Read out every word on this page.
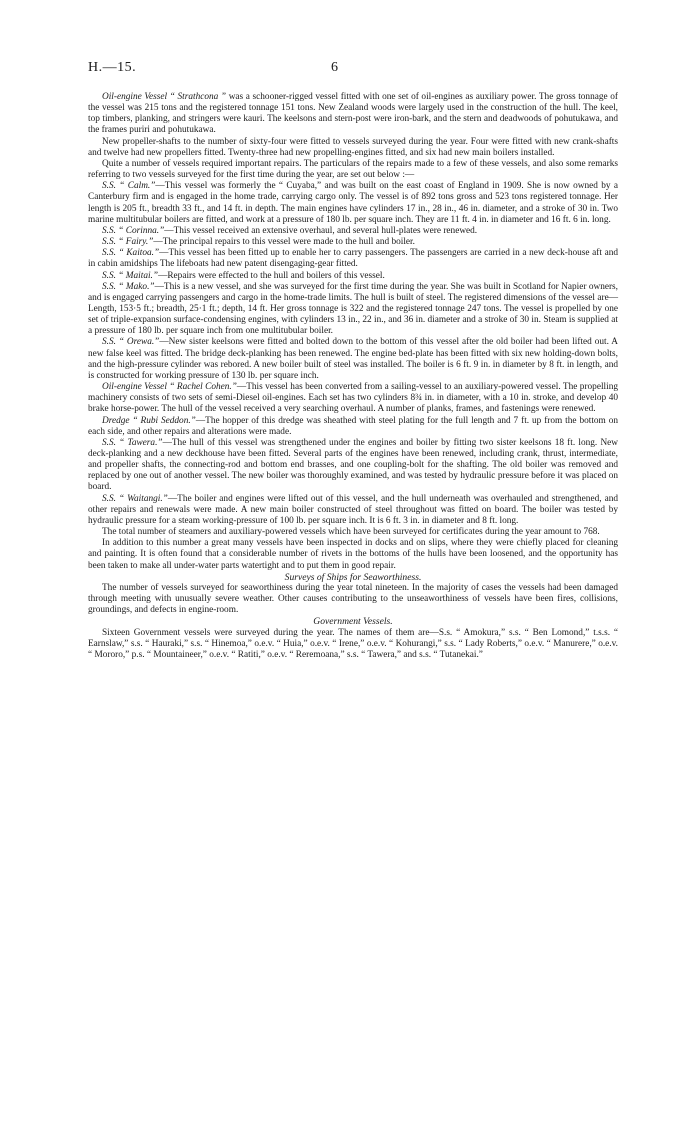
H.—15.	6

Oil-engine Vessel “ Strathcona ” was a schooner-rigged vessel fitted with one set of oil-engines as auxiliary power. The gross tonnage of the vessel was 215 tons and the registered tonnage 151 tons. New Zealand woods were largely used in the construction of the hull. The keel, top timbers, planking, and stringers were kauri. The keelsons and stern-post were iron-bark, and the stern and deadwoods of pohutukawa, and the frames puriri and pohutukawa.

New propeller-shafts to the number of sixty-four were fitted to vessels surveyed during the year. Four were fitted with new crank-shafts and twelve had new propellers fitted. Twenty-three had new propelling-engines fitted, and six had new main boilers installed.

Quite a number of vessels required important repairs. The particulars of the repairs made to a few of these vessels, and also some remarks referring to two vessels surveyed for the first time during the year, are set out below :—

S.S. “ Calm.”—This vessel was formerly the “ Cuyaba,” and was built on the east coast of England in 1909. She is now owned by a Canterbury firm and is engaged in the home trade, carrying cargo only. The vessel is of 892 tons gross and 523 tons registered tonnage. Her length is 205 ft., breadth 33 ft., and 14 ft. in depth. The main engines have cylinders 17 in., 28 in., 46 in. diameter, and a stroke of 30 in. Two marine multitubular boilers are fitted, and work at a pressure of 180 lb. per square inch. They are 11 ft. 4 in. in diameter and 16 ft. 6 in. long.

S.S. “ Corinna.”—This vessel received an extensive overhaul, and several hull-plates were renewed.

S.S. “ Fairy.”—The principal repairs to this vessel were made to the hull and boiler.

S.S. “ Kaitoa.”—This vessel has been fitted up to enable her to carry passengers. The passengers are carried in a new deck-house aft and in cabin amidships The lifeboats had new patent disengaging-gear fitted.

S.S. “ Maitai.”—Repairs were effected to the hull and boilers of this vessel.

S.S. “ Mako.”—This is a new vessel, and she was surveyed for the first time during the year. She was built in Scotland for Napier owners, and is engaged carrying passengers and cargo in the home-trade limits. The hull is built of steel. The registered dimensions of the vessel are—Length, 153·5 ft.; breadth, 25·1 ft.; depth, 14 ft. Her gross tonnage is 322 and the registered tonnage 247 tons. The vessel is propelled by one set of triple-expansion surface-condensing engines, with cylinders 13 in., 22 in., and 36 in. diameter and a stroke of 30 in. Steam is supplied at a pressure of 180 lb. per square inch from one multitubular boiler.

S.S. “ Orewa.”—New sister keelsons were fitted and bolted down to the bottom of this vessel after the old boiler had been lifted out. A new false keel was fitted. The bridge deck-planking has been renewed. The engine bed-plate has been fitted with six new holding-down bolts, and the high-pressure cylinder was rebored. A new boiler built of steel was installed. The boiler is 6 ft. 9 in. in diameter by 8 ft. in length, and is constructed for working pressure of 130 lb. per square inch.

Oil-engine Vessel “ Rachel Cohen.”—This vessel has been converted from a sailing-vessel to an auxiliary-powered vessel. The propelling machinery consists of two sets of semi-Diesel oil-engines. Each set has two cylinders 8¾ in. in diameter, with a 10 in. stroke, and develop 40 brake horse-power. The hull of the vessel received a very searching overhaul. A number of planks, frames, and fastenings were renewed.

Dredge “ Rubi Seddon.”—The hopper of this dredge was sheathed with steel plating for the full length and 7 ft. up from the bottom on each side, and other repairs and alterations were made.

S.S. “ Tawera.”—The hull of this vessel was strengthened under the engines and boiler by fitting two sister keelsons 18 ft. long. New deck-planking and a new deckhouse have been fitted. Several parts of the engines have been renewed, including crank, thrust, intermediate, and propeller shafts, the connecting-rod and bottom end brasses, and one coupling-bolt for the shafting. The old boiler was removed and replaced by one out of another vessel. The new boiler was thoroughly examined, and was tested by hydraulic pressure before it was placed on board.

S.S. “ Waitangi.”—The boiler and engines were lifted out of this vessel, and the hull underneath was overhauled and strengthened, and other repairs and renewals were made. A new main boiler constructed of steel throughout was fitted on board. The boiler was tested by hydraulic pressure for a steam working-pressure of 100 lb. per square inch. It is 6 ft. 3 in. in diameter and 8 ft. long.

The total number of steamers and auxiliary-powered vessels which have been surveyed for certificates during the year amount to 768.

In addition to this number a great many vessels have been inspected in docks and on slips, where they were chiefly placed for cleaning and painting. It is often found that a considerable number of rivets in the bottoms of the hulls have been loosened, and the opportunity has been taken to make all under-water parts watertight and to put them in good repair.

Surveys of Ships for Seaworthiness.

The number of vessels surveyed for seaworthiness during the year total nineteen. In the majority of cases the vessels had been damaged through meeting with unusually severe weather. Other causes contributing to the unseaworthiness of vessels have been fires, collisions, groundings, and defects in engine-room.

Government Vessels.

Sixteen Government vessels were surveyed during the year. The names of them are—S.s. “ Amokura,” s.s. “ Ben Lomond,” t.s.s. “ Earnslaw,” s.s. “ Hauraki,” s.s. “ Hinemoa,” o.e.v. “ Huia,” o.e.v. “ Irene,” o.e.v. “ Kohurangi,” s.s. “ Lady Roberts,” o.e.v. “ Manurere,” o.e.v. “ Mororo,” p.s. “ Mountaineer,” o.e.v. “ Ratiti,” o.e.v. “ Reremoana,” s.s. “ Tawera,” and s.s. “ Tutanekai.”
